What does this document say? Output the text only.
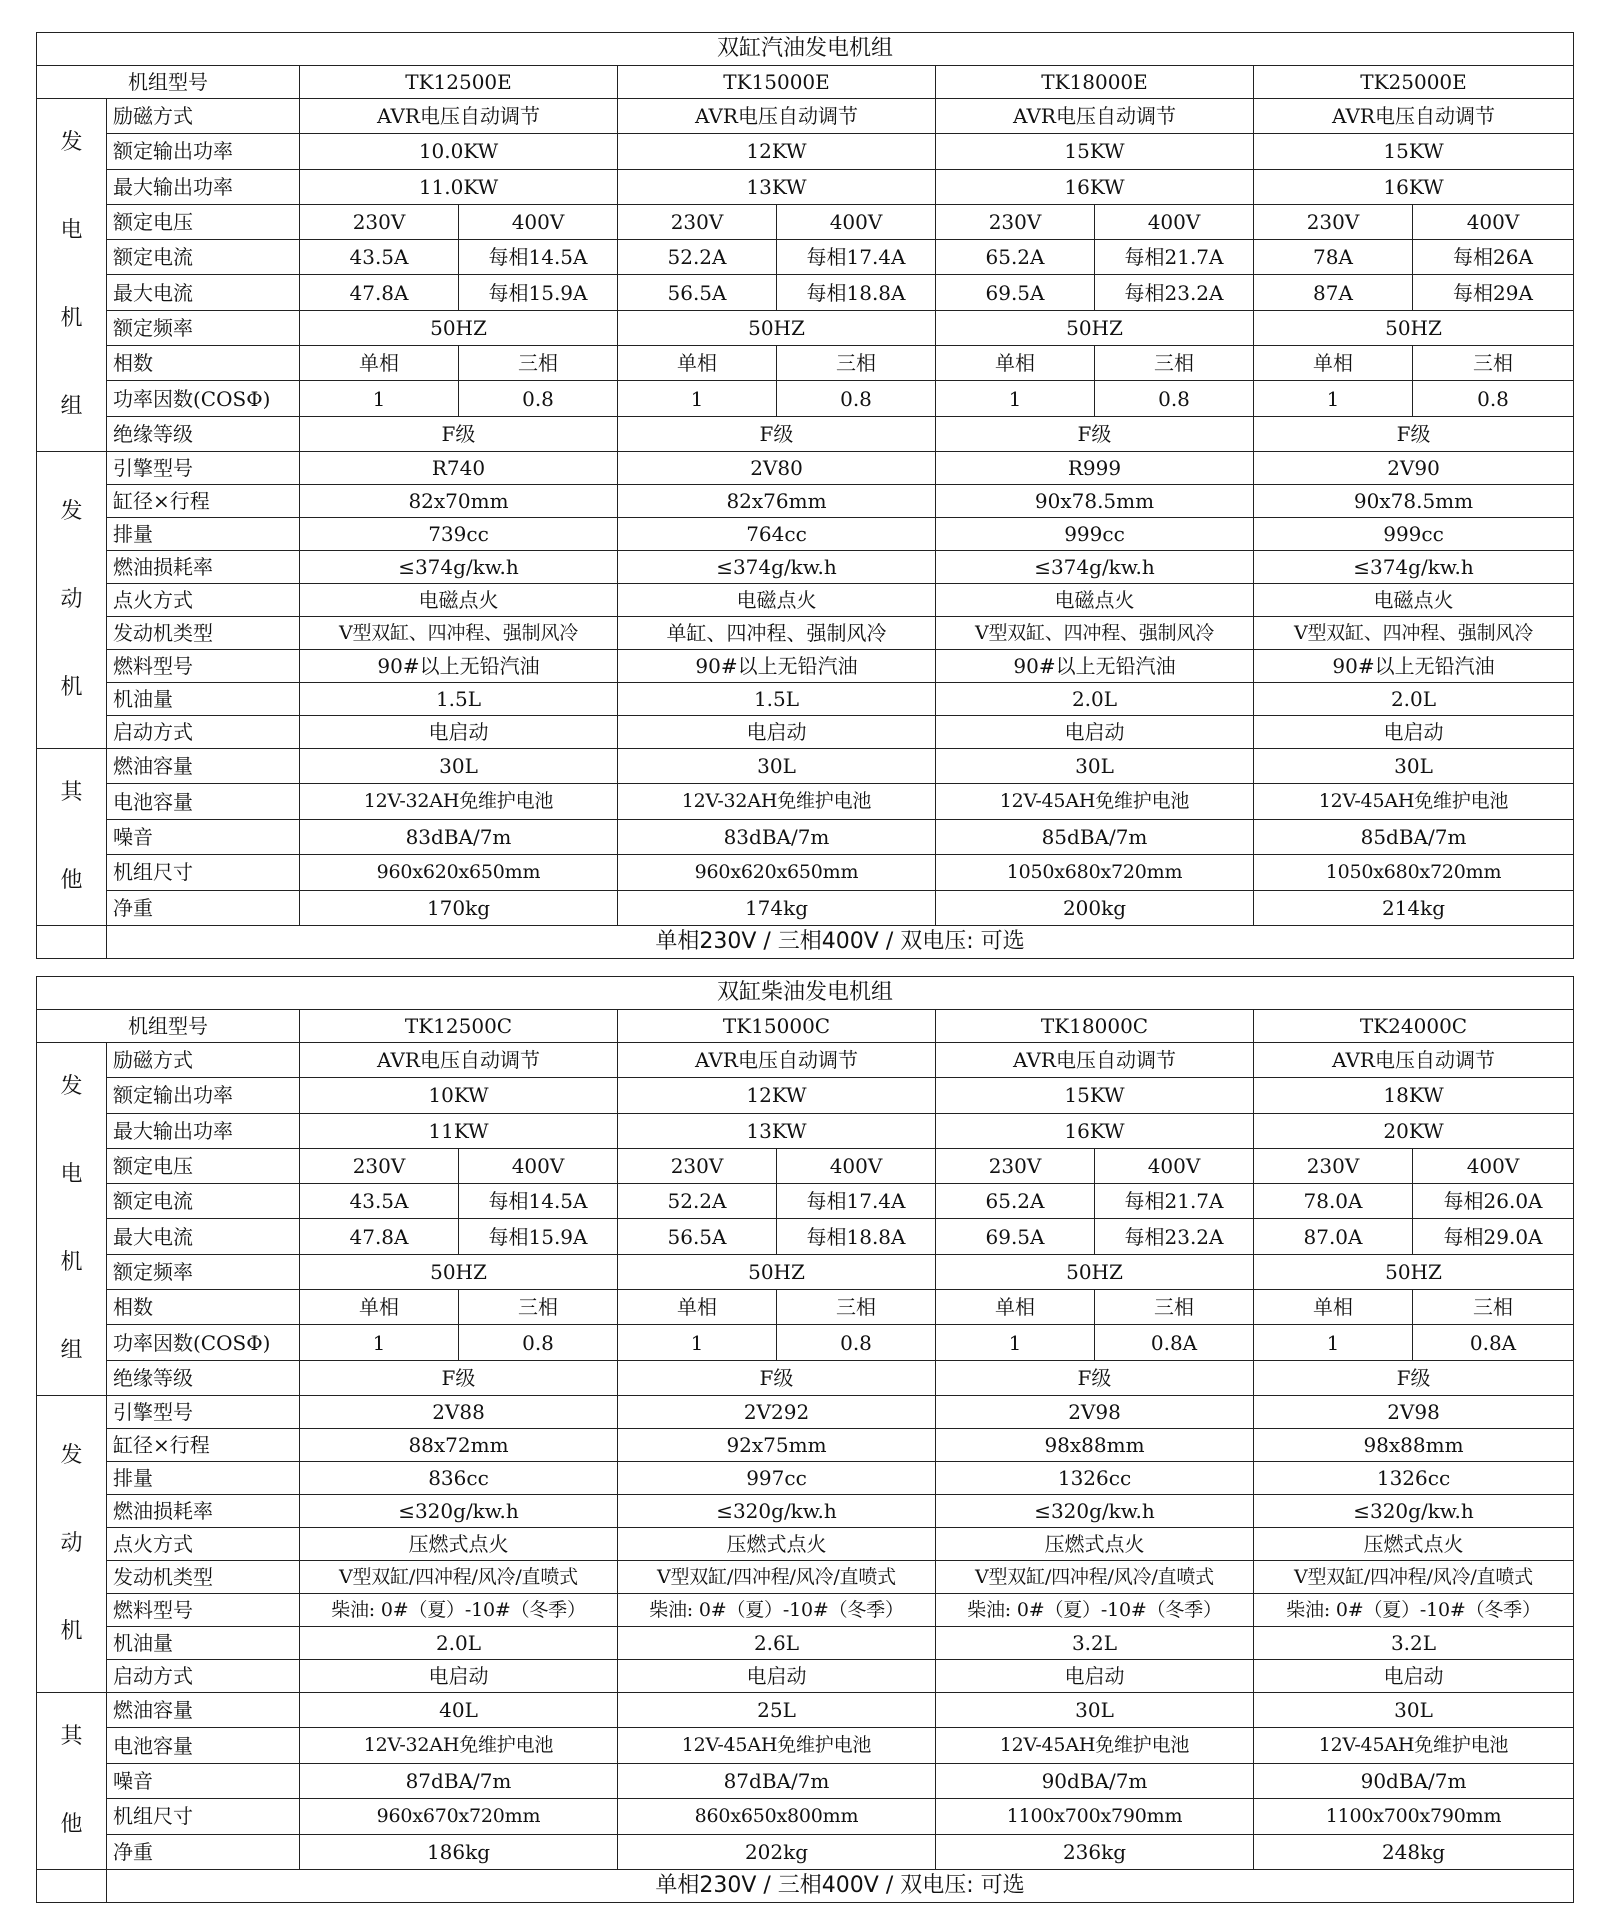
双缸汽油发电机组									
机组型号		TK12500E		TK15000E		TK18000E		TK25000E	

发
电
机
组	励磁方式	AVR电压自动调节		AVR电压自动调节		AVR电压自动调节		AVR电压自动调节	
	额定输出功率	10.0KW		12KW		15KW		15KW	
	最大输出功率	11.0KW		13KW		16KW		16KW	
	额定电压	230V	400V	230V	400V	230V	400V	230V	400V
	额定电流	43.5A	每相14.5A	52.2A	每相17.4A	65.2A	每相21.7A	78A	每相26A
	最大电流	47.8A	每相15.9A	56.5A	每相18.8A	69.5A	每相23.2A	87A	每相29A
	额定频率	50HZ		50HZ		50HZ		50HZ	
	相数	单相	三相	单相	三相	单相	三相	单相	三相
	功率因数(COSΦ)	1	0.8	1	0.8	1	0.8	1	0.8
	绝缘等级	F级		F级		F级		F级	

发
动
机	引擎型号	R740		2V80		R999		2V90	
	缸径×行程	82x70mm		82x76mm		90x78.5mm		90x78.5mm	
	排量	739cc		764cc		999cc		999cc	
	燃油损耗率	≤374g/kw.h		≤374g/kw.h		≤374g/kw.h		≤374g/kw.h	
	点火方式	电磁点火		电磁点火		电磁点火		电磁点火	
	发动机类型	V型双缸、四冲程、强制风冷		单缸、四冲程、强制风冷		V型双缸、四冲程、强制风冷		V型双缸、四冲程、强制风冷	
	燃料型号	90#以上无铅汽油		90#以上无铅汽油		90#以上无铅汽油		90#以上无铅汽油	
	机油量	1.5L		1.5L		2.0L		2.0L	
	启动方式	电启动		电启动		电启动		电启动	

其
他	燃油容量	30L		30L		30L		30L	
	电池容量	12V-32AH免维护电池		12V-32AH免维护电池		12V-45AH免维护电池		12V-45AH免维护电池	
	噪音	83dBA/7m		83dBA/7m		85dBA/7m		85dBA/7m	
	机组尺寸	960x620x650mm		960x620x650mm		1050x680x720mm		1050x680x720mm	
	净重	170kg		174kg		200kg		214kg	
	单相230V / 三相400V / 双电压: 可选								
双缸柴油发电机组									
机组型号		TK12500C		TK15000C		TK18000C		TK24000C	

发
电
机
组	励磁方式	AVR电压自动调节		AVR电压自动调节		AVR电压自动调节		AVR电压自动调节	
	额定输出功率	10KW		12KW		15KW		18KW	
	最大输出功率	11KW		13KW		16KW		20KW	
	额定电压	230V	400V	230V	400V	230V	400V	230V	400V
	额定电流	43.5A	每相14.5A	52.2A	每相17.4A	65.2A	每相21.7A	78.0A	每相26.0A
	最大电流	47.8A	每相15.9A	56.5A	每相18.8A	69.5A	每相23.2A	87.0A	每相29.0A
	额定频率	50HZ		50HZ		50HZ		50HZ	
	相数	单相	三相	单相	三相	单相	三相	单相	三相
	功率因数(COSΦ)	1	0.8	1	0.8	1	0.8A	1	0.8A
	绝缘等级	F级		F级		F级		F级	

发
动
机	引擎型号	2V88		2V292		2V98		2V98	
	缸径×行程	88x72mm		92x75mm		98x88mm		98x88mm	
	排量	836cc		997cc		1326cc		1326cc	
	燃油损耗率	≤320g/kw.h		≤320g/kw.h		≤320g/kw.h		≤320g/kw.h	
	点火方式	压燃式点火		压燃式点火		压燃式点火		压燃式点火	
	发动机类型	V型双缸/四冲程/风冷/直喷式		V型双缸/四冲程/风冷/直喷式		V型双缸/四冲程/风冷/直喷式		V型双缸/四冲程/风冷/直喷式	
	燃料型号	柴油: 0#（夏）-10#（冬季）		柴油: 0#（夏）-10#（冬季）		柴油: 0#（夏）-10#（冬季）		柴油: 0#（夏）-10#（冬季）	
	机油量	2.0L		2.6L		3.2L		3.2L	
	启动方式	电启动		电启动		电启动		电启动	

其
他	燃油容量	40L		25L		30L		30L	
	电池容量	12V-32AH免维护电池		12V-45AH免维护电池		12V-45AH免维护电池		12V-45AH免维护电池	
	噪音	87dBA/7m		87dBA/7m		90dBA/7m		90dBA/7m	
	机组尺寸	960x670x720mm		860x650x800mm		1100x700x790mm		1100x700x790mm	
	净重	186kg		202kg		236kg		248kg	
	单相230V / 三相400V / 双电压: 可选								
